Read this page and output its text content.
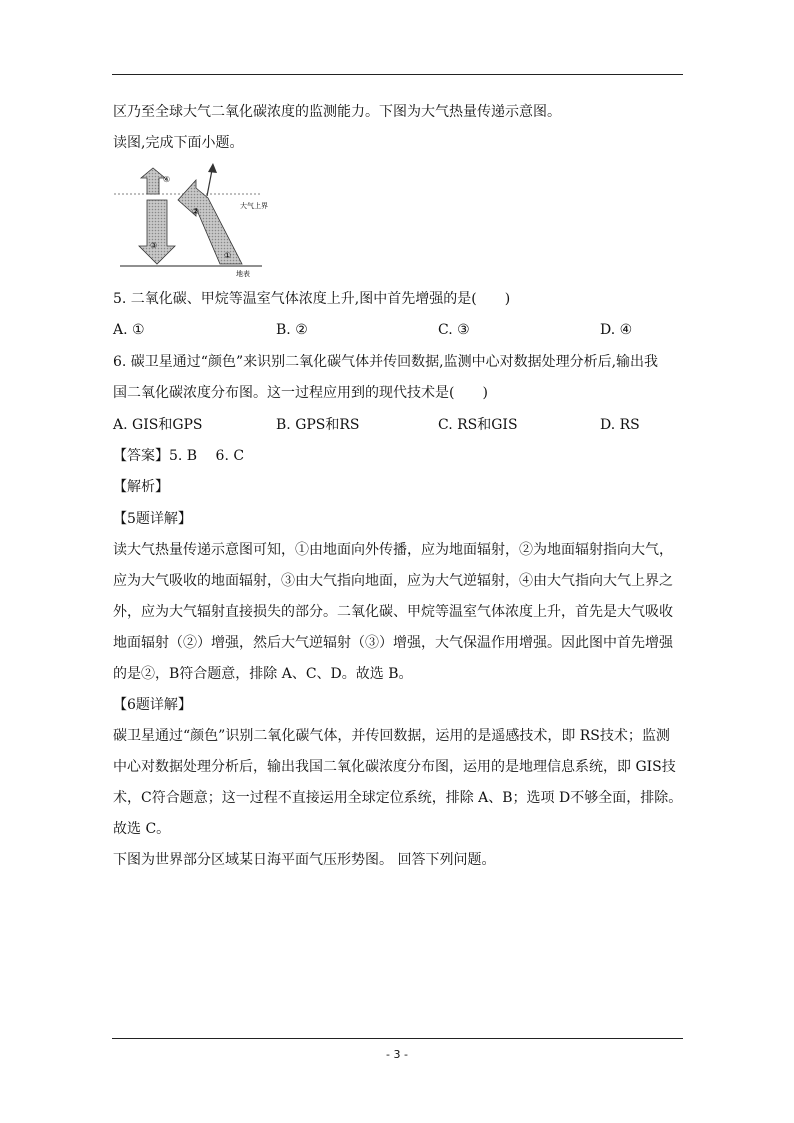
区乃至全球大气二氧化碳浓度的监测能力。下图为大气热量传递示意图。
读图,完成下面小题。
④
③
②
①
大气上界
地表
5. 二氧化碳、甲烷等温室气体浓度上升,图中首先增强的是(　　)
A. ①	B. ②	C. ③	D. ④
6. 碳卫星通过“颜色”来识别二氧化碳气体并传回数据,监测中心对数据处理分析后,输出我
国二氧化碳浓度分布图。这一过程应用到的现代技术是(　　)
A. GIS和GPS	B. GPS和RS	C. RS和GIS	D. RS
【答案】5. B　 6. C
【解析】
【5题详解】
读大气热量传递示意图可知，①由地面向外传播，应为地面辐射，②为地面辐射指向大气，
应为大气吸收的地面辐射，③由大气指向地面，应为大气逆辐射，④由大气指向大气上界之
外，应为大气辐射直接损失的部分。二氧化碳、甲烷等温室气体浓度上升，首先是大气吸收
地面辐射（②）增强，然后大气逆辐射（③）增强，大气保温作用增强。因此图中首先增强
的是②，B符合题意，排除 A、C、D。故选 B。
【6题详解】
碳卫星通过“颜色”识别二氧化碳气体，并传回数据，运用的是遥感技术，即 RS技术；监测
中心对数据处理分析后，输出我国二氧化碳浓度分布图，运用的是地理信息系统，即 GIS技
术，C符合题意；这一过程不直接运用全球定位系统，排除 A、B；选项 D不够全面，排除。
故选 C。
下图为世界部分区域某日海平面气压形势图。 回答下列问题。
- 3 -
